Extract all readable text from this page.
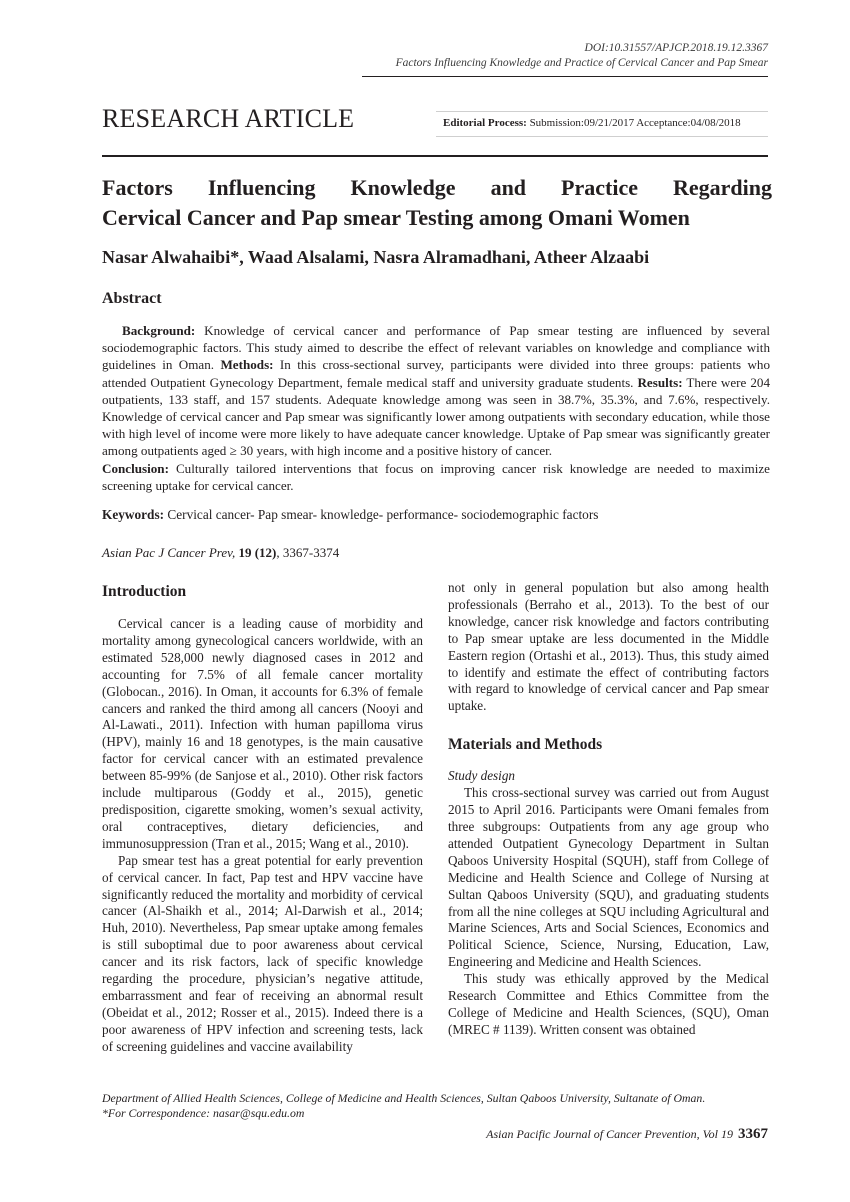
DOI:10.31557/APJCP.2018.19.12.3367
Factors Influencing Knowledge and Practice of Cervical Cancer and Pap Smear
RESEARCH ARTICLE	Editorial Process: Submission:09/21/2017 Acceptance:04/08/2018
Factors Influencing Knowledge and Practice Regarding
Cervical Cancer and Pap smear Testing among Omani Women
Nasar Alwahaibi*, Waad Alsalami, Nasra Alramadhani, Atheer Alzaabi
Abstract

Background: Knowledge of cervical cancer and performance of Pap smear testing are influenced by several sociodemographic factors. This study aimed to describe the effect of relevant variables on knowledge and compliance with guidelines in Oman. Methods: In this cross-sectional survey, participants were divided into three groups: patients who attended Outpatient Gynecology Department, female medical staff and university graduate students. Results: There were 204 outpatients, 133 staff, and 157 students. Adequate knowledge among was seen in 38.7%, 35.3%, and 7.6%, respectively. Knowledge of cervical cancer and Pap smear was significantly lower among outpatients with secondary education, while those with high level of income were more likely to have adequate cancer knowledge. Uptake of Pap smear was significantly greater among outpatients aged ≥ 30 years, with high income and a positive history of cancer.
Conclusion: Culturally tailored interventions that focus on improving cancer risk knowledge are needed to maximize screening uptake for cervical cancer.

Keywords: Cervical cancer- Pap smear- knowledge- performance- sociodemographic factors
Asian Pac J Cancer Prev, 19 (12), 3367-3374
Introduction

Cervical cancer is a leading cause of morbidity and mortality among gynecological cancers worldwide, with an estimated 528,000 newly diagnosed cases in 2012 and accounting for 7.5% of all female cancer mortality (Globocan., 2016). In Oman, it accounts for 6.3% of female cancers and ranked the third among all cancers (Nooyi and Al-Lawati., 2011). Infection with human papilloma virus (HPV), mainly 16 and 18 genotypes, is the main causative factor for cervical cancer with an estimated prevalence between 85-99% (de Sanjose et al., 2010). Other risk factors include multiparous (Goddy et al., 2015), genetic predisposition, cigarette smoking, women’s sexual activity, oral contraceptives, dietary deficiencies, and immunosuppression (Tran et al., 2015; Wang et al., 2010).

Pap smear test has a great potential for early prevention of cervical cancer. In fact, Pap test and HPV vaccine have significantly reduced the mortality and morbidity of cervical cancer (Al-Shaikh et al., 2014; Al-Darwish et al., 2014; Huh, 2010). Nevertheless, Pap smear uptake among females is still suboptimal due to poor awareness about cervical cancer and its risk factors, lack of specific knowledge regarding the procedure, physician’s negative attitude, embarrassment and fear of receiving an abnormal result (Obeidat et al., 2012; Rosser et al., 2015). Indeed there is a poor awareness of HPV infection and screening tests, lack of screening guidelines and vaccine availability

not only in general population but also among health professionals (Berraho et al., 2013). To the best of our knowledge, cancer risk knowledge and factors contributing to Pap smear uptake are less documented in the Middle Eastern region (Ortashi et al., 2013). Thus, this study aimed to identify and estimate the effect of contributing factors with regard to knowledge of cervical cancer and Pap smear uptake.

Materials and Methods
Study design

This cross-sectional survey was carried out from August 2015 to April 2016. Participants were Omani females from three subgroups: Outpatients from any age group who attended Outpatient Gynecology Department in Sultan Qaboos University Hospital (SQUH), staff from College of Medicine and Health Science and College of Nursing at Sultan Qaboos University (SQU), and graduating students from all the nine colleges at SQU including Agricultural and Marine Sciences, Arts and Social Sciences, Economics and Political Science, Science, Nursing, Education, Law, Engineering and Medicine and Health Sciences.

This study was ethically approved by the Medical Research Committee and Ethics Committee from the College of Medicine and Health Sciences, (SQU), Oman (MREC # 1139). Written consent was obtained

Department of Allied Health Sciences, College of Medicine and Health Sciences, Sultan Qaboos University, Sultanate of Oman.
*For Correspondence: nasar@squ.edu.om
Asian Pacific Journal of Cancer Prevention, Vol 19 3367
